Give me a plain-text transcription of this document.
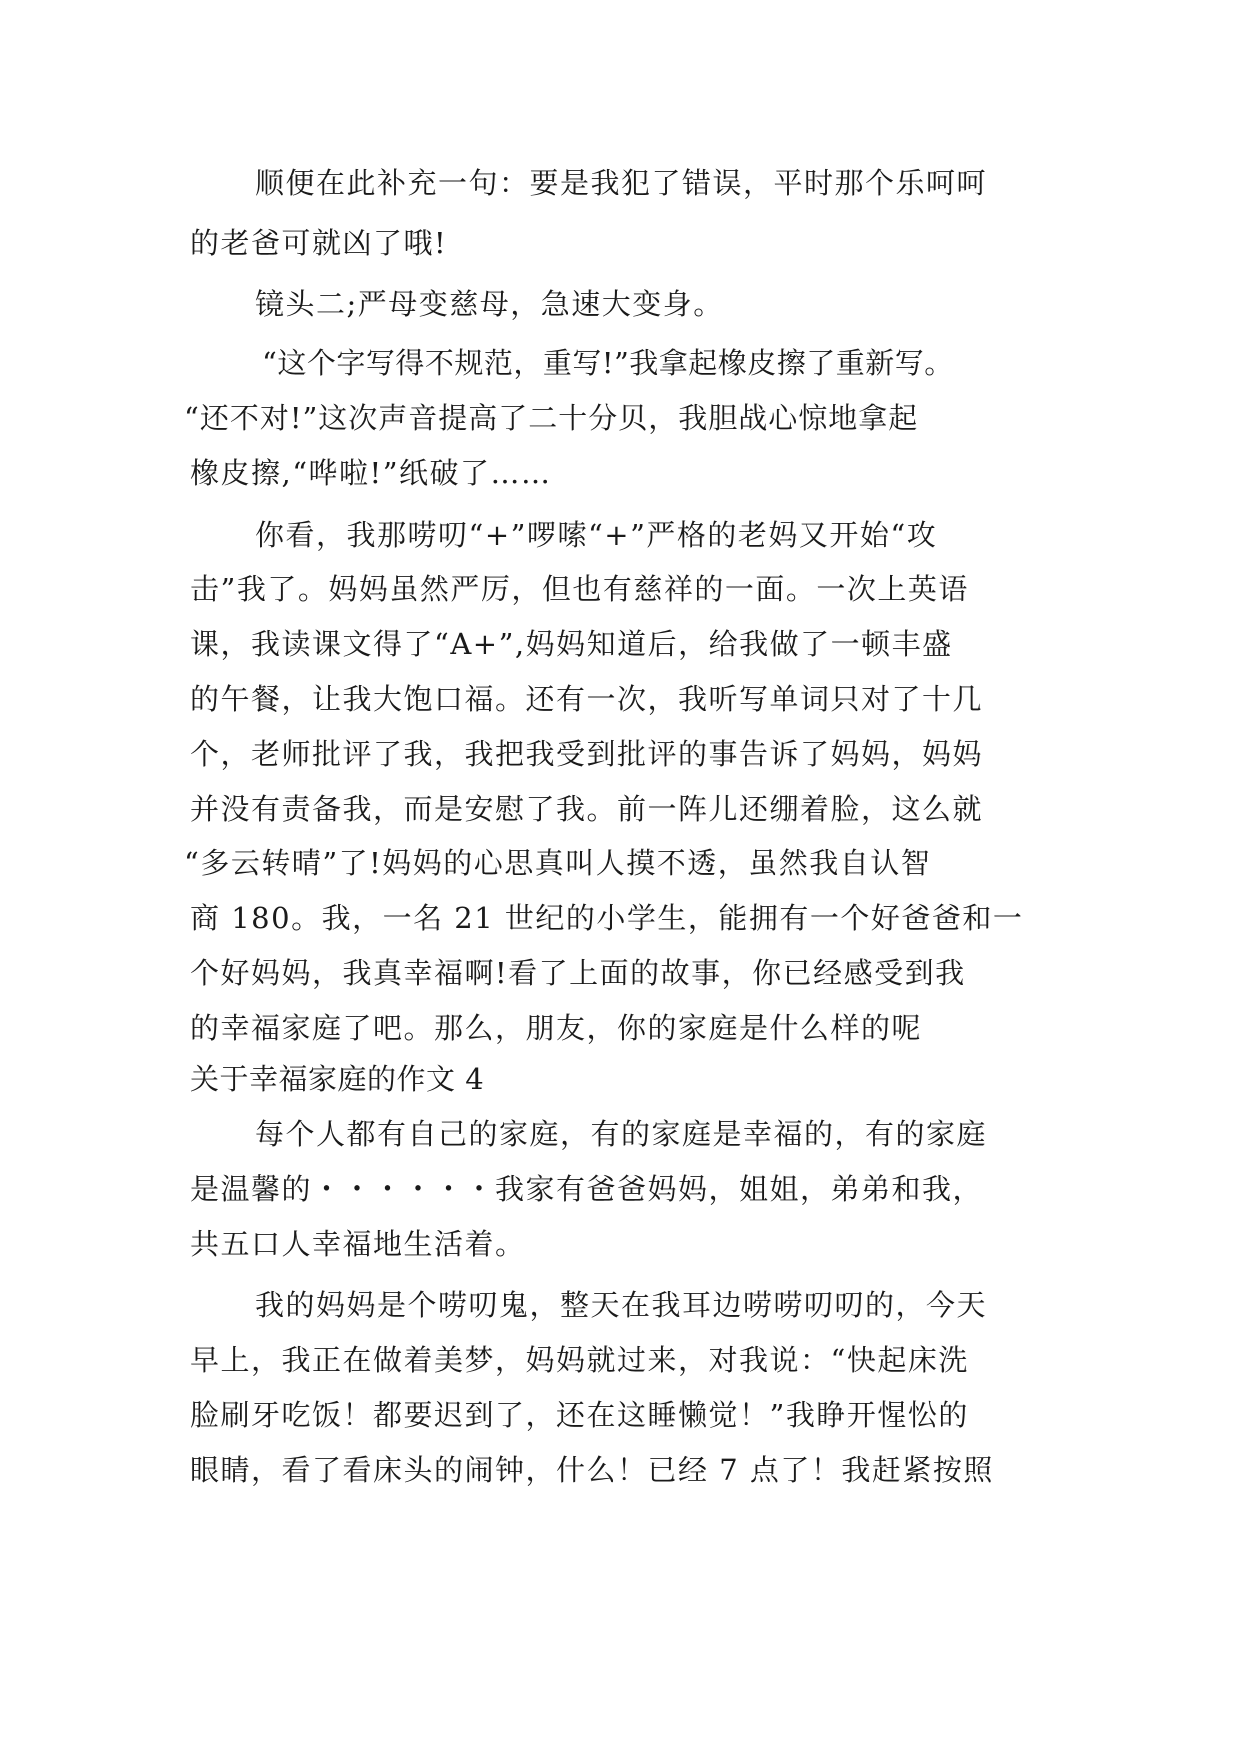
顺便在此补充一句：要是我犯了错误，平时那个乐呵呵
的老爸可就凶了哦!
镜头二;严母变慈母，急速大变身。
“这个字写得不规范，重写!”我拿起橡皮擦了重新写。
“还不对!”这次声音提高了二十分贝，我胆战心惊地拿起
橡皮擦,“哗啦!”纸破了……
你看，我那唠叨“+”啰嗦“+”严格的老妈又开始“攻
击”我了。妈妈虽然严厉，但也有慈祥的一面。一次上英语
课，我读课文得了“A+”,妈妈知道后，给我做了一顿丰盛
的午餐，让我大饱口福。还有一次，我听写单词只对了十几
个，老师批评了我，我把我受到批评的事告诉了妈妈，妈妈
并没有责备我，而是安慰了我。前一阵儿还绷着脸，这么就
“多云转晴”了!妈妈的心思真叫人摸不透，虽然我自认智
商 180。我，一名 21 世纪的小学生，能拥有一个好爸爸和一
个好妈妈，我真幸福啊!看了上面的故事，你已经感受到我
的幸福家庭了吧。那么，朋友，你的家庭是什么样的呢
关于幸福家庭的作文 4
每个人都有自己的家庭，有的家庭是幸福的，有的家庭
是温馨的・・・・・・我家有爸爸妈妈，姐姐，弟弟和我，
共五口人幸福地生活着。
我的妈妈是个唠叨鬼，整天在我耳边唠唠叨叨的，今天
早上，我正在做着美梦，妈妈就过来，对我说：“快起床洗
脸刷牙吃饭！都要迟到了，还在这睡懒觉！”我睁开惺忪的
眼睛，看了看床头的闹钟，什么！已经 7 点了！我赶紧按照
